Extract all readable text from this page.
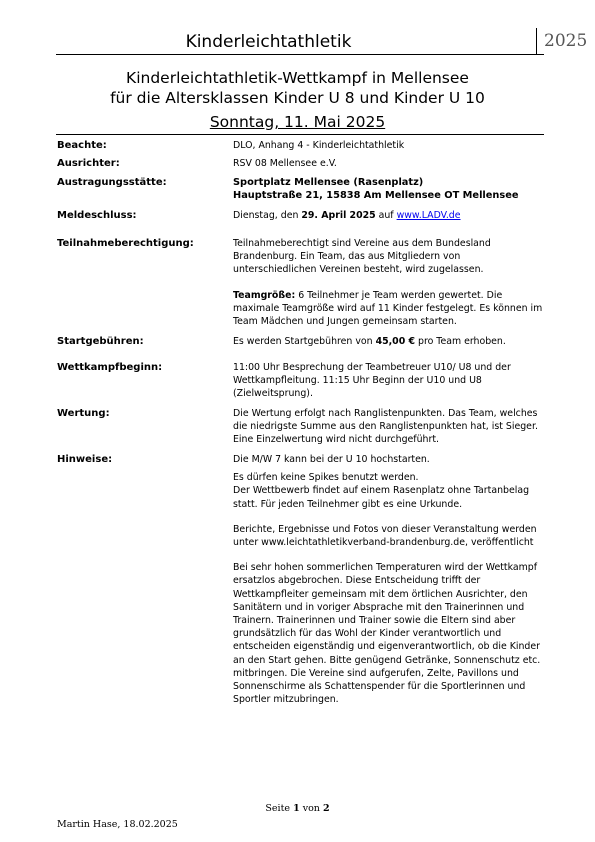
Kinderleichtathletik	2025
Kinderleichtathletik-Wettkampf in Mellensee
für die Altersklassen Kinder U 8 und Kinder U 10
Sonntag, 11. Mai 2025
Beachte:	DLO, Anhang 4 - Kinderleichtathletik
Ausrichter:	RSV 08 Mellensee e.V.
Austragungsstätte:	Sportplatz Mellensee (Rasenplatz)

Hauptstraße 21, 15838 Am Mellensee OT Mellensee

Meldeschluss:	Dienstag, den 29. April 2025 auf www.LADV.de
Teilnahmeberechtigung:	Teilnahmeberechtigt sind Vereine aus dem Bundesland Brandenburg. Ein Team, das aus Mitgliedern von unterschiedlichen Vereinen besteht, wird zugelassen.

Teamgröße: 6 Teilnehmer je Team werden gewertet. Die maximale Teamgröße wird auf 11 Kinder festgelegt. Es können im Team Mädchen und Jungen gemeinsam starten.

Startgebühren:	Es werden Startgebühren von 45,00 € pro Team erhoben.
Wettkampfbeginn:	11:00 Uhr Besprechung der Teambetreuer U10/ U8 und der Wettkampfleitung. 11:15 Uhr Beginn der U10 und U8 (Zielweitsprung).
Wertung:	Die Wertung erfolgt nach Ranglistenpunkten. Das Team, welches die niedrigste Summe aus den Ranglistenpunkten hat, ist Sieger. Eine Einzelwertung wird nicht durchgeführt.
Hinweise:	Die M/W 7 kann bei der U 10 hochstarten.

Es dürfen keine Spikes benutzt werden.

Der Wettbewerb findet auf einem Rasenplatz ohne Tartanbelag statt. Für jeden Teilnehmer gibt es eine Urkunde.

Berichte, Ergebnisse und Fotos von dieser Veranstaltung werden unter www.leichtathletikverband-brandenburg.de, veröffentlicht

Bei sehr hohen sommerlichen Temperaturen wird der Wettkampf ersatzlos abgebrochen. Diese Entscheidung trifft der Wettkampfleiter gemeinsam mit dem örtlichen Ausrichter, den Sanitätern und in voriger Absprache mit den Trainerinnen und Trainern. Trainerinnen und Trainer sowie die Eltern sind aber grundsätzlich für das Wohl der Kinder verantwortlich und entscheiden eigenständig und eigenverantwortlich, ob die Kinder an den Start gehen. Bitte genügend Getränke, Sonnenschutz etc. mitbringen. Die Vereine sind aufgerufen, Zelte, Pavillons und Sonnenschirme als Schattenspender für die Sportlerinnen und Sportler mitzubringen.

Seite 1 von 2
Martin Hase, 18.02.2025
